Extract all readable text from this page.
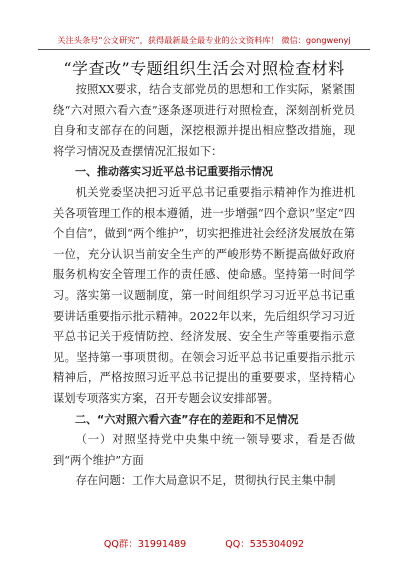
关注头条号“公文研究”，获得最新最全最专业的公文资料库！ 微信：gongwenyj
“学查改”专题组织生活会对照检查材料

按照XX要求，结合支部党员的思想和工作实际，紧紧围绕“六对照六看六查”逐条逐项进行对照检查，深刻剖析党员自身和支部存在的问题，深挖根源并提出相应整改措施，现将学习情况及查摆情况汇报如下：

一、推动落实习近平总书记重要指示情况

机关党委坚决把习近平总书记重要指示精神作为推进机关各项管理工作的根本遵循，进一步增强“四个意识”坚定“四个自信”，做到“两个维护”，切实把推进社会经济发展放在第一位，充分认识当前安全生产的严峻形势不断提高做好政府服务机构安全管理工作的责任感、使命感。坚持第一时间学习。落实第一议题制度，第一时间组织学习习近平总书记重要讲话重要指示批示精神。2022年以来，先后组织学习习近平总书记关于疫情防控、经济发展、安全生产等重要指示意见。坚持第一事项贯彻。在领会习近平总书记重要指示批示精神后，严格按照习近平总书记提出的重要要求，坚持精心谋划专项落实方案，召开专题会议安排部署。

二、“六对照六看六查”存在的差距和不足情况

（一）对照坚持党中央集中统一领导要求，看是否做到“两个维护”方面

存在问题：工作大局意识不足，贯彻执行民主集中制

QQ群：31991489	QQ：535304092
